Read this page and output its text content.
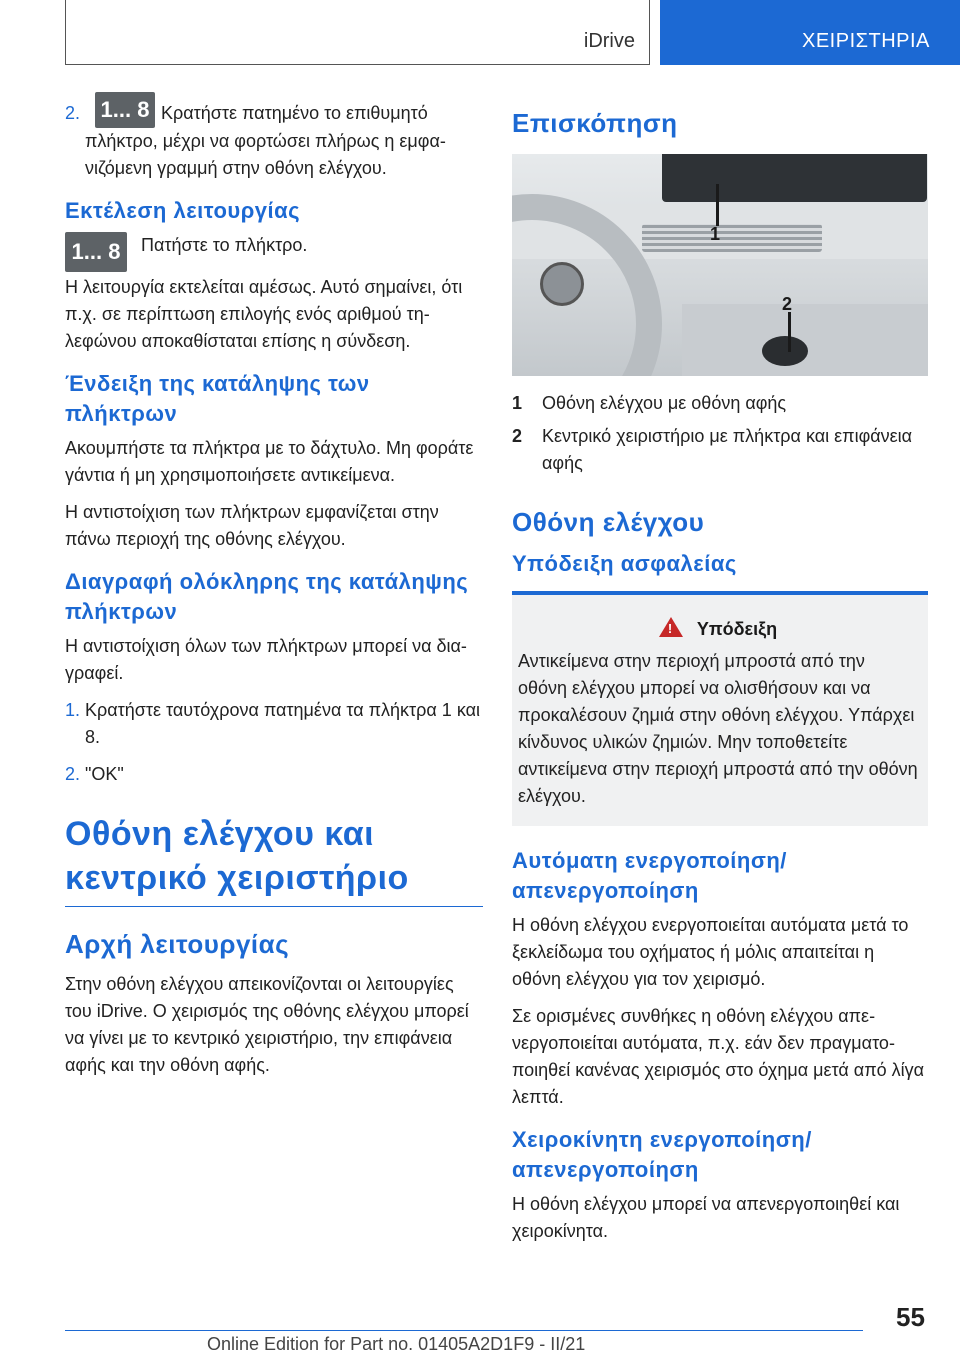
iDrive	ΧΕΙΡΙΣΤΗΡΙΑ
2. 1... 8 Κρατήστε πατημένο το επιθυμητό πλήκτρο, μέχρι να φορτώσει πλήρως η εμφανιζόμενη γραμμή στην οθόνη ελέγχου.

Εκτέλεση λειτουργίας
1... 8	Πατήστε το πλήκτρο.

Η λειτουργία εκτελείται αμέσως. Αυτό σημαίνει, ότι π.χ. σε περίπτωση επιλογής ενός αριθμού τηλεφώνου αποκαθίσταται επίσης η σύνδεση.

Ένδειξη της κατάληψης των πλήκτρων

Ακουμπήστε τα πλήκτρα με το δάχτυλο. Μη φοράτε γάντια ή μη χρησιμοποιήσετε αντικείμενα.

Η αντιστοίχιση των πλήκτρων εμφανίζεται στην πάνω περιοχή της οθόνης ελέγχου.

Διαγραφή ολόκληρης της κατάληψης πλήκτρων

Η αντιστοίχιση όλων των πλήκτρων μπορεί να διαγραφεί.

1. Κρατήστε ταυτόχρονα πατημένα τα πλήκτρα 1 και 8.

2. "OK"

Οθόνη ελέγχου και κεντρικό χειριστήριο
Αρχή λειτουργίας

Στην οθόνη ελέγχου απεικονίζονται οι λειτουργίες του iDrive. Ο χειρισμός της οθόνης ελέγχου μπορεί να γίνει με το κεντρικό χειριστήριο, την επιφάνεια αφής και την οθόνη αφής.

Επισκόπηση
1
2
1 Οθόνη ελέγχου με οθόνη αφής
2 Κεντρικό χειριστήριο με πλήκτρα και επιφάνεια αφής
Οθόνη ελέγχου
Υπόδειξη ασφαλείας
!Υπόδειξη

Αντικείμενα στην περιοχή μπροστά από την οθόνη ελέγχου μπορεί να ολισθήσουν και να προκαλέσουν ζημιά στην οθόνη ελέγχου. Υπάρχει κίνδυνος υλικών ζημιών. Μην τοποθετείτε αντικείμενα στην περιοχή μπροστά από την οθόνη ελέγχου.

Αυτόματη ενεργοποίηση/ απενεργοποίηση

Η οθόνη ελέγχου ενεργοποιείται αυτόματα μετά το ξεκλείδωμα του οχήματος ή μόλις απαιτείται η οθόνη ελέγχου για τον χειρισμό.

Σε ορισμένες συνθήκες η οθόνη ελέγχου απενεργοποιείται αυτόματα, π.χ. εάν δεν πραγματοποιηθεί κανένας χειρισμός στο όχημα μετά από λίγα λεπτά.

Χειροκίνητη ενεργοποίηση/ απενεργοποίηση

Η οθόνη ελέγχου μπορεί να απενεργοποιηθεί και χειροκίνητα.

55
Online Edition for Part no. 01405A2D1F9 - II/21
